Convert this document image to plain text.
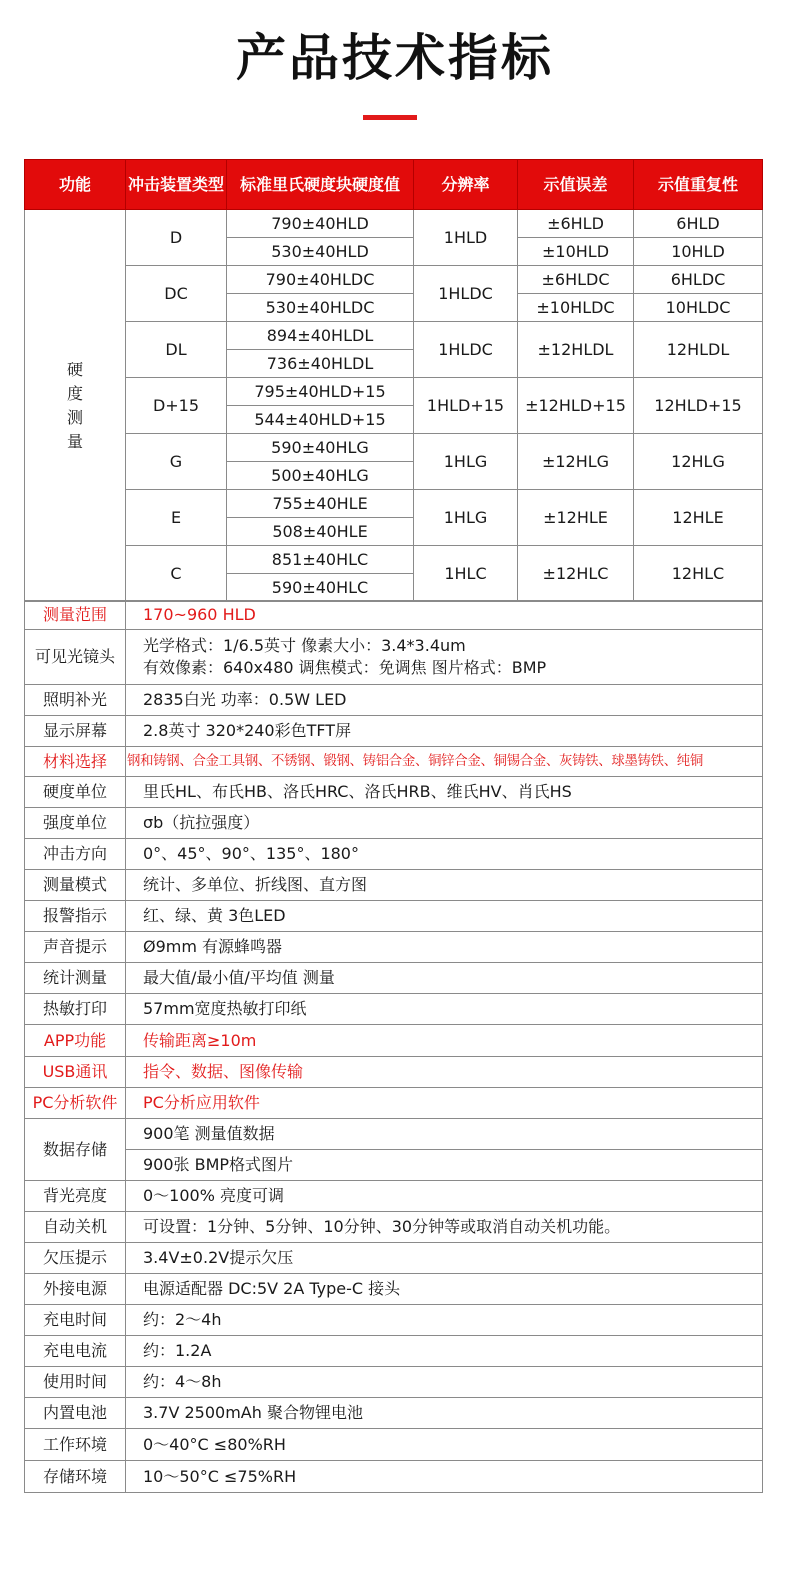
产品技术指标
功能	冲击装置类型	标准里氏硬度块硬度值	分辨率	示值误差	示值重复性

硬度测量	D	790±40HLD	1HLD	±6HLD	6HLD
		530±40HLD		±10HLD	10HLD
	DC	790±40HLDC	1HLDC	±6HLDC	6HLDC
		530±40HLDC		±10HLDC	10HLDC
	DL	894±40HLDL	1HLDC	±12HLDL	12HLDL
		736±40HLDL			
	D+15	795±40HLD+15	1HLD+15	±12HLD+15	12HLD+15
		544±40HLD+15			
	G	590±40HLG	1HLG	±12HLG	12HLG
		500±40HLG			
	E	755±40HLE	1HLG	±12HLE	12HLE
		508±40HLE			
	C	851±40HLC	1HLC	±12HLC	12HLC
		590±40HLC			
测量范围	170~960 HLD
可见光镜头	光学格式：1/6.5英寸 像素大小：3.4*3.4um
有效像素：640x480 调焦模式：免调焦 图片格式：BMP

照明补光	2835白光 功率：0.5W LED
显示屏幕	2.8英寸 320*240彩色TFT屏
材料选择	钢和铸钢、合金工具钢、不锈钢、锻钢、铸铝合金、铜锌合金、铜锡合金、灰铸铁、球墨铸铁、纯铜
硬度单位	里氏HL、布氏HB、洛氏HRC、洛氏HRB、维氏HV、肖氏HS
强度单位	σb（抗拉强度）
冲击方向	0°、45°、90°、135°、180°
测量模式	统计、多单位、折线图、直方图
报警指示	红、绿、黄 3色LED
声音提示	Ø9mm 有源蜂鸣器
统计测量	最大值/最小值/平均值 测量
热敏打印	57mm宽度热敏打印纸
APP功能	传输距离≥10m
USB通讯	指令、数据、图像传输
PC分析软件	PC分析应用软件
数据存储	900笔 测量值数据
	900张 BMP格式图片
背光亮度	0～100% 亮度可调
自动关机	可设置：1分钟、5分钟、10分钟、30分钟等或取消自动关机功能。
欠压提示	3.4V±0.2V提示欠压
外接电源	电源适配器 DC:5V 2A Type-C 接头
充电时间	约：2～4h
充电电流	约：1.2A
使用时间	约：4～8h
内置电池	3.7V 2500mAh 聚合物锂电池
工作环境	0～40°C ≤80%RH
存储环境	10～50°C ≤75%RH
